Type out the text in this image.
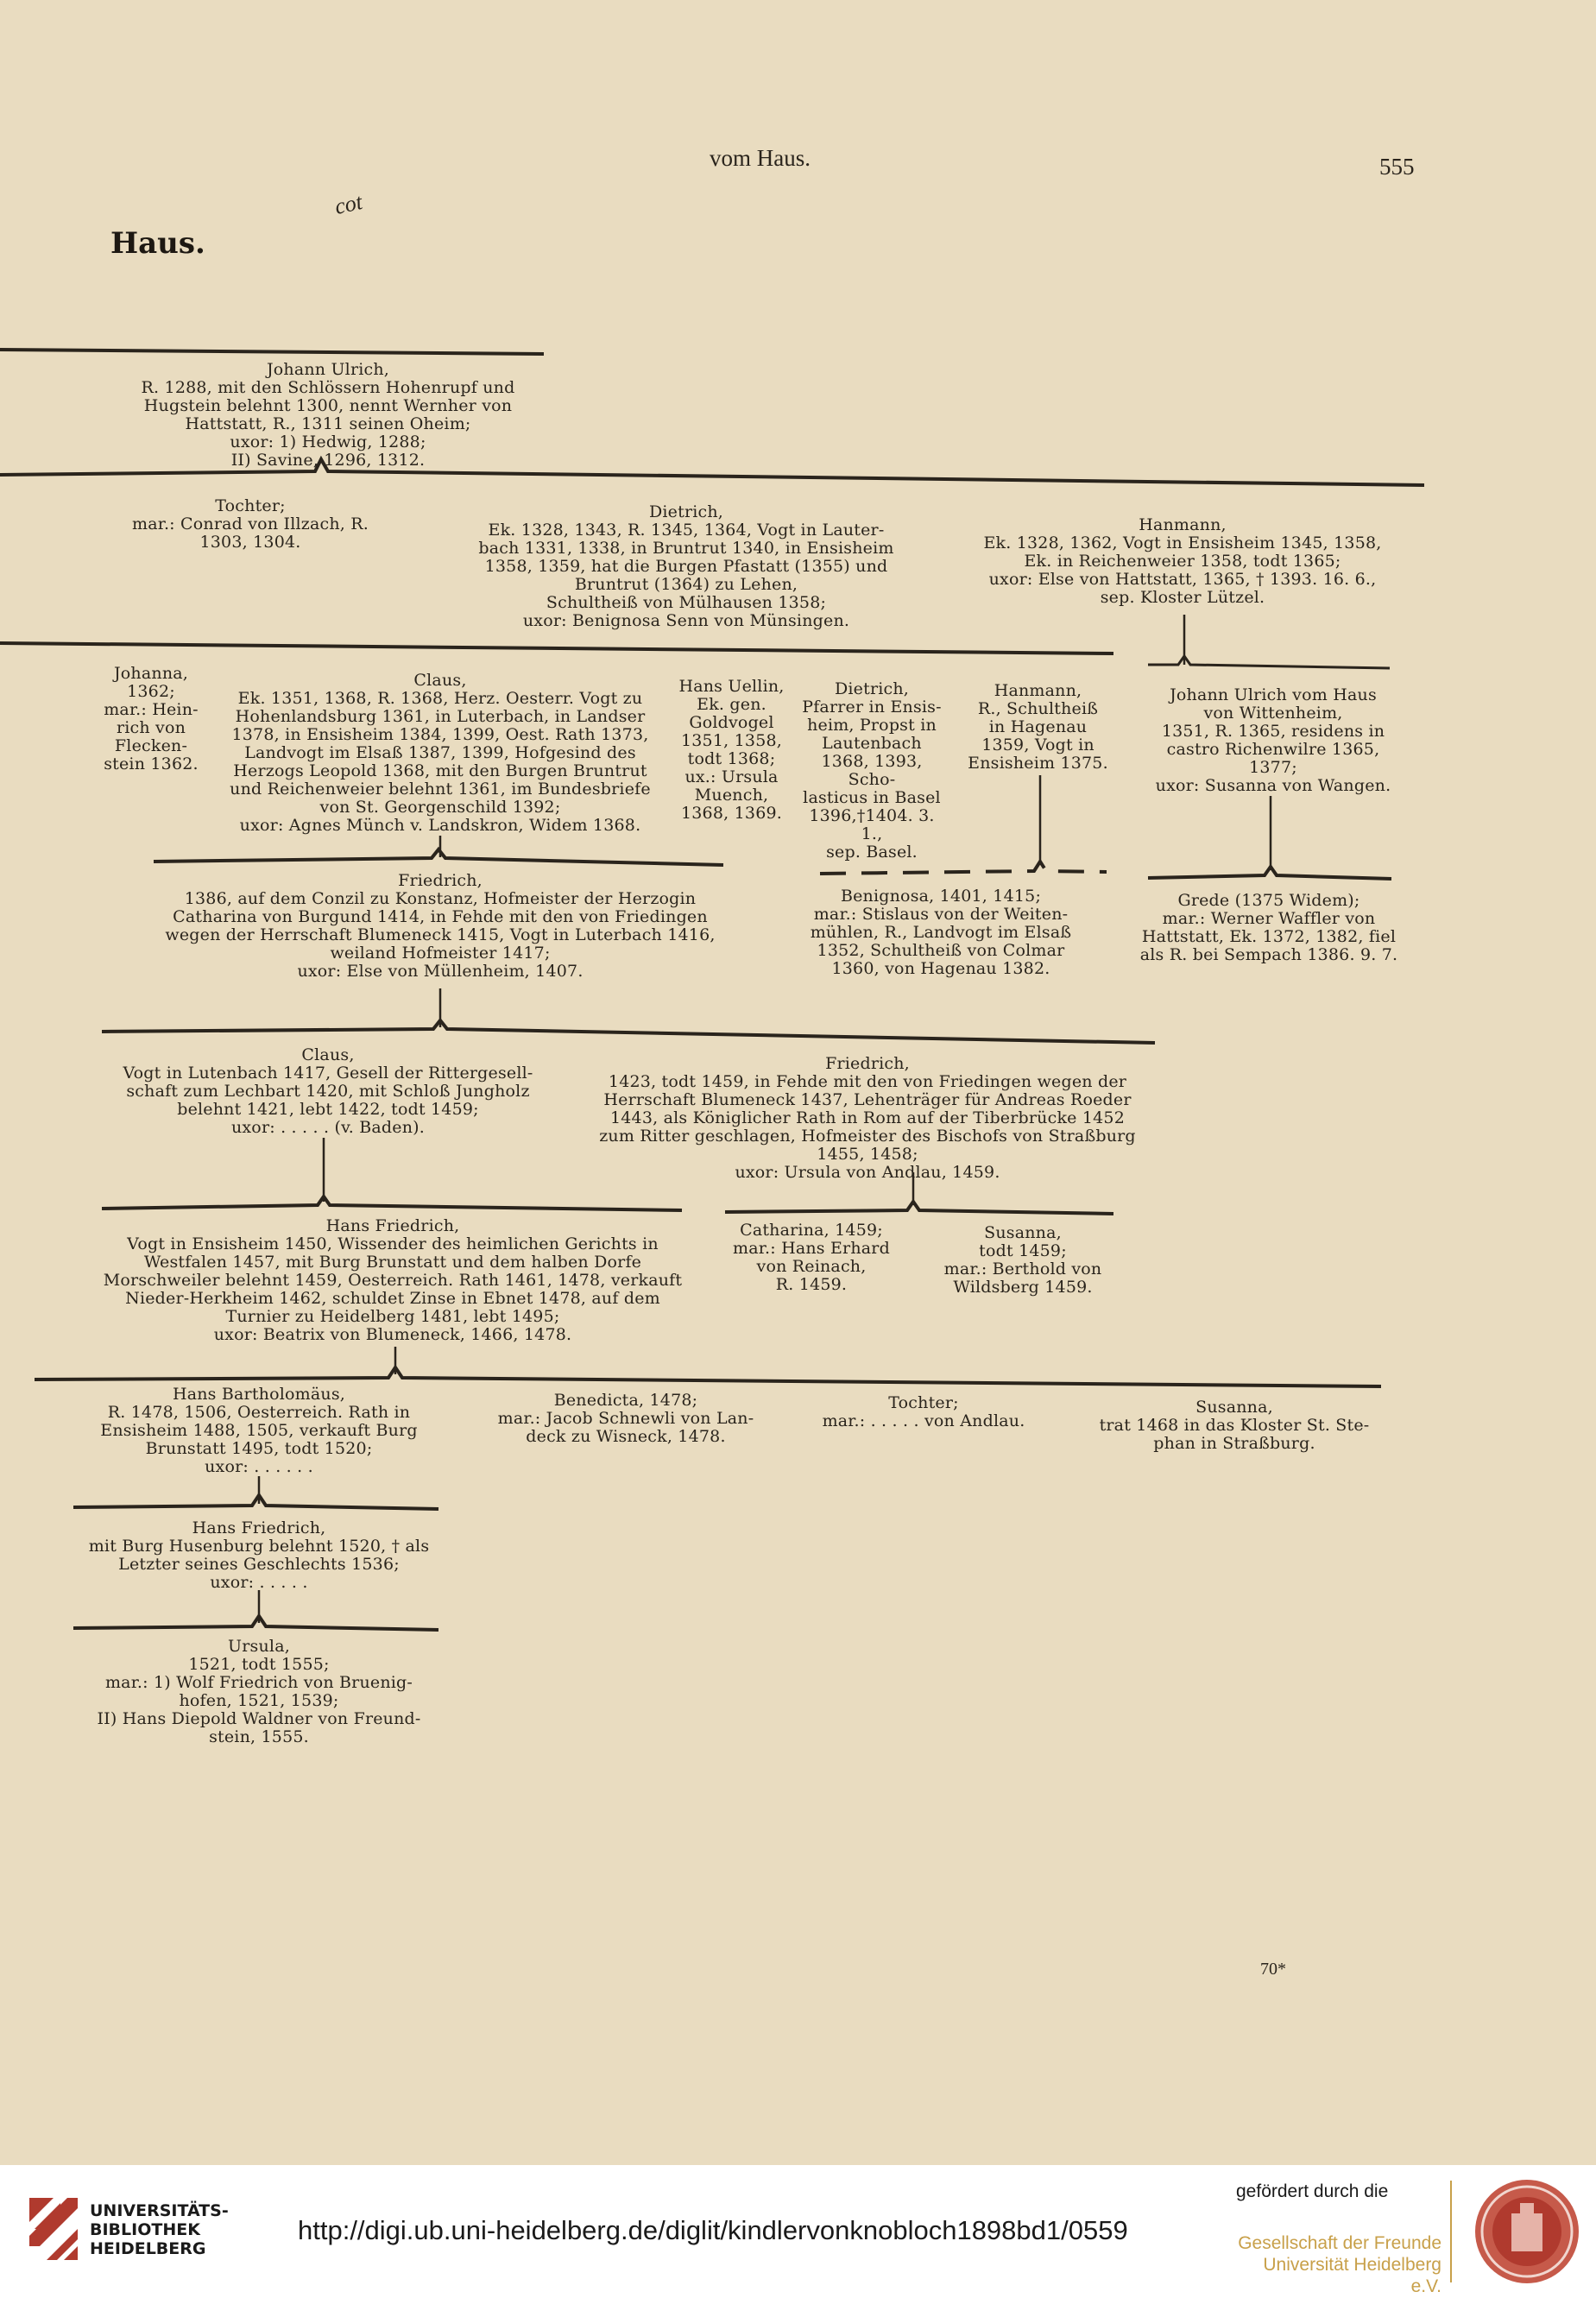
vom Haus.	555
cot
Haus.
Johann Ulrich,
R. 1288, mit den Schlössern Hohenrupf und
Hugstein belehnt 1300, nennt Wernher von
Hattstatt, R., 1311 seinen Oheim;
uxor: 1) Hedwig, 1288;
II) Savine, 1296, 1312.
Tochter;
mar.: Conrad von Illzach, R.
1303, 1304.
Dietrich,
Ek. 1328, 1343, R. 1345, 1364, Vogt in Lauter-
bach 1331, 1338, in Bruntrut 1340, in Ensisheim
1358, 1359, hat die Burgen Pfastatt (1355) und
Bruntrut (1364) zu Lehen,
Schultheiß von Mülhausen 1358;
uxor: Benignosa Senn von Münsingen.
Hanmann,
Ek. 1328, 1362, Vogt in Ensisheim 1345, 1358,
Ek. in Reichenweier 1358, todt 1365;
uxor: Else von Hattstatt, 1365, † 1393. 16. 6.,
sep. Kloster Lützel.
Johanna,
1362;
mar.: Hein-
rich von
Flecken-
stein 1362.
Claus,
Ek. 1351, 1368, R. 1368, Herz. Oesterr. Vogt zu
Hohenlandsburg 1361, in Luterbach, in Landser
1378, in Ensisheim 1384, 1399, Oest. Rath 1373,
Landvogt im Elsaß 1387, 1399, Hofgesind des
Herzogs Leopold 1368, mit den Burgen Bruntrut
und Reichenweier belehnt 1361, im Bundesbriefe
von St. Georgenschild 1392;
uxor: Agnes Münch v. Landskron, Widem 1368.
Hans Uellin,
Ek. gen.
Goldvogel
1351, 1358,
todt 1368;
ux.: Ursula
Muench,
1368, 1369.
Dietrich,
Pfarrer in Ensis-
heim, Propst in
Lautenbach
1368, 1393, Scho-
lasticus in Basel
1396,†1404. 3. 1.,
sep. Basel.
Hanmann,
R., Schultheiß
in Hagenau
1359, Vogt in
Ensisheim 1375.
Johann Ulrich vom Haus
von Wittenheim,
1351, R. 1365, residens in
castro Richenwilre 1365,
1377;
uxor: Susanna von Wangen.
Friedrich,
1386, auf dem Conzil zu Konstanz, Hofmeister der Herzogin
Catharina von Burgund 1414, in Fehde mit den von Friedingen
wegen der Herrschaft Blumeneck 1415, Vogt in Luterbach 1416,
weiland Hofmeister 1417;
uxor: Else von Müllenheim, 1407.
Benignosa, 1401, 1415;
mar.: Stislaus von der Weiten-
mühlen, R., Landvogt im Elsaß
1352, Schultheiß von Colmar
1360, von Hagenau 1382.
Grede (1375 Widem);
mar.: Werner Waffler von
Hattstatt, Ek. 1372, 1382, fiel
als R. bei Sempach 1386. 9. 7.
Claus,
Vogt in Lutenbach 1417, Gesell der Rittergesell-
schaft zum Lechbart 1420, mit Schloß Jungholz
belehnt 1421, lebt 1422, todt 1459;
uxor: . . . . . (v. Baden).
Friedrich,
1423, todt 1459, in Fehde mit den von Friedingen wegen der
Herrschaft Blumeneck 1437, Lehenträger für Andreas Roeder
1443, als Königlicher Rath in Rom auf der Tiberbrücke 1452
zum Ritter geschlagen, Hofmeister des Bischofs von Straßburg
1455, 1458;
uxor: Ursula von Andlau, 1459.
Hans Friedrich,
Vogt in Ensisheim 1450, Wissender des heimlichen Gerichts in
Westfalen 1457, mit Burg Brunstatt und dem halben Dorfe
Morschweiler belehnt 1459, Oesterreich. Rath 1461, 1478, verkauft
Nieder-Herkheim 1462, schuldet Zinse in Ebnet 1478, auf dem
Turnier zu Heidelberg 1481, lebt 1495;
uxor: Beatrix von Blumeneck, 1466, 1478.
Catharina, 1459;
mar.: Hans Erhard
von Reinach,
R. 1459.
Susanna,
todt 1459;
mar.: Berthold von
Wildsberg 1459.
Hans Bartholomäus,
R. 1478, 1506, Oesterreich. Rath in
Ensisheim 1488, 1505, verkauft Burg
Brunstatt 1495, todt 1520;
uxor: . . . . . .
Benedicta, 1478;
mar.: Jacob Schnewli von Lan-
deck zu Wisneck, 1478.
Tochter;
mar.: . . . . . von Andlau.
Susanna,
trat 1468 in das Kloster St. Ste-
phan in Straßburg.
Hans Friedrich,
mit Burg Husenburg belehnt 1520, † als
Letzter seines Geschlechts 1536;
uxor: . . . . .
Ursula,
1521, todt 1555;
mar.: 1) Wolf Friedrich von Bruenig-
hofen, 1521, 1539;
II) Hans Diepold Waldner von Freund-
stein, 1555.
70*
UNIVERSITÄTS-
BIBLIOTHEK
HEIDELBERG
http://digi.ub.uni-heidelberg.de/diglit/kindlervonknobloch1898bd1/0559
gefördert durch die
Gesellschaft der Freunde
Universität Heidelberg e.V.
